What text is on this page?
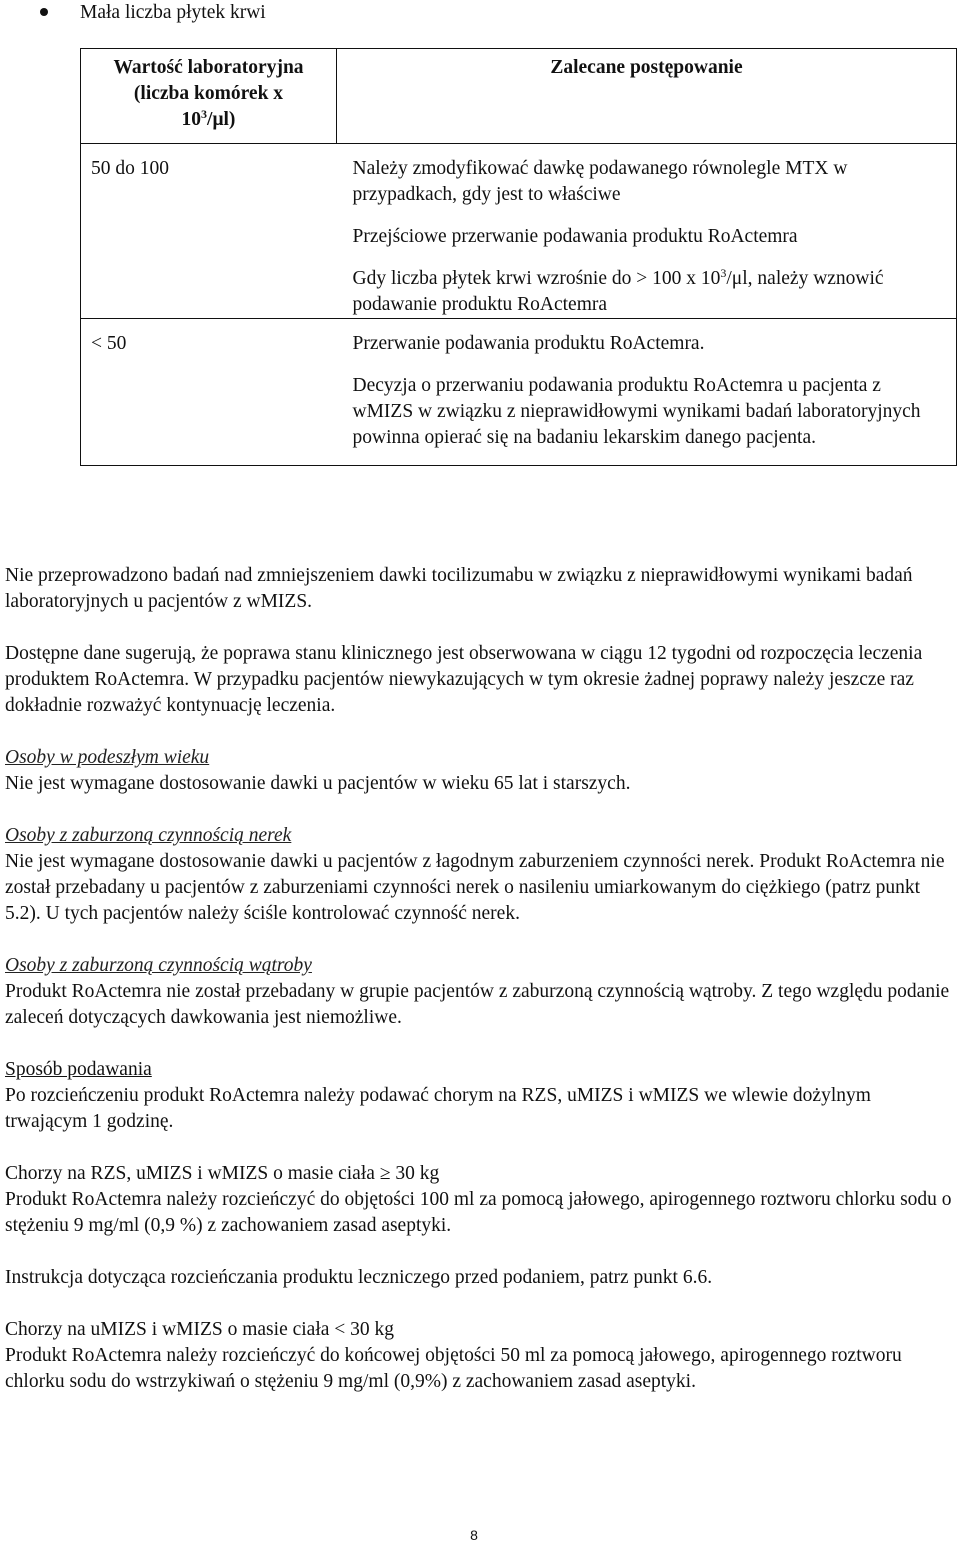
Mała liczba płytek krwi
Wartość laboratoryjna
(liczba komórek x
$10^3/\mu l$)	Zalecane postępowanie
50 do 100	Należy zmodyfikować dawkę podawanego równolegle MTX w przypadkach, gdy jest to właściwe

Przejściowe przerwanie podawania produktu RoActemra

Gdy liczba płytek krwi wzrośnie do > 100 x $10^3/\mu l$, należy wznowić podawanie produktu RoActemra

< 50	Przerwanie podawania produktu RoActemra.

Decyzja o przerwaniu podawania produktu RoActemra u pacjenta z wMIZS w związku z nieprawidłowymi wynikami badań laboratoryjnych powinna opierać się na badaniu lekarskim danego pacjenta.

Nie przeprowadzono badań nad zmniejszeniem dawki tocilizumabu w związku z nieprawidłowymi wynikami badań laboratoryjnych u pacjentów z wMIZS.

Dostępne dane sugerują, że poprawa stanu klinicznego jest obserwowana w ciągu 12 tygodni od rozpoczęcia leczenia produktem RoActemra. W przypadku pacjentów niewykazujących w tym okresie żadnej poprawy należy jeszcze raz dokładnie rozważyć kontynuację leczenia.

Osoby w podeszłym wieku
Nie jest wymagane dostosowanie dawki u pacjentów w wieku 65 lat i starszych.

Osoby z zaburzoną czynnością nerek
Nie jest wymagane dostosowanie dawki u pacjentów z łagodnym zaburzeniem czynności nerek. Produkt RoActemra nie został przebadany u pacjentów z zaburzeniami czynności nerek o nasileniu umiarkowanym do ciężkiego (patrz punkt 5.2). U tych pacjentów należy ściśle kontrolować czynność nerek.

Osoby z zaburzoną czynnością wątroby
Produkt RoActemra nie został przebadany w grupie pacjentów z zaburzoną czynnością wątroby. Z tego względu podanie zaleceń dotyczących dawkowania jest niemożliwe.

Sposób podawania
Po rozcieńczeniu produkt RoActemra należy podawać chorym na RZS, uMIZS i wMIZS we wlewie dożylnym trwającym 1 godzinę.

Chorzy na RZS, uMIZS i wMIZS o masie ciała ≥ 30 kg
Produkt RoActemra należy rozcieńczyć do objętości 100 ml za pomocą jałowego, apirogennego roztworu chlorku sodu o stężeniu 9 mg/ml (0,9 %) z zachowaniem zasad aseptyki.

Instrukcja dotycząca rozcieńczania produktu leczniczego przed podaniem, patrz punkt 6.6.

Chorzy na uMIZS i wMIZS o masie ciała < 30 kg
Produkt RoActemra należy rozcieńczyć do końcowej objętości 50 ml za pomocą jałowego, apirogennego roztworu chlorku sodu do wstrzykiwań o stężeniu 9 mg/ml (0,9%) z zachowaniem zasad aseptyki.

8
